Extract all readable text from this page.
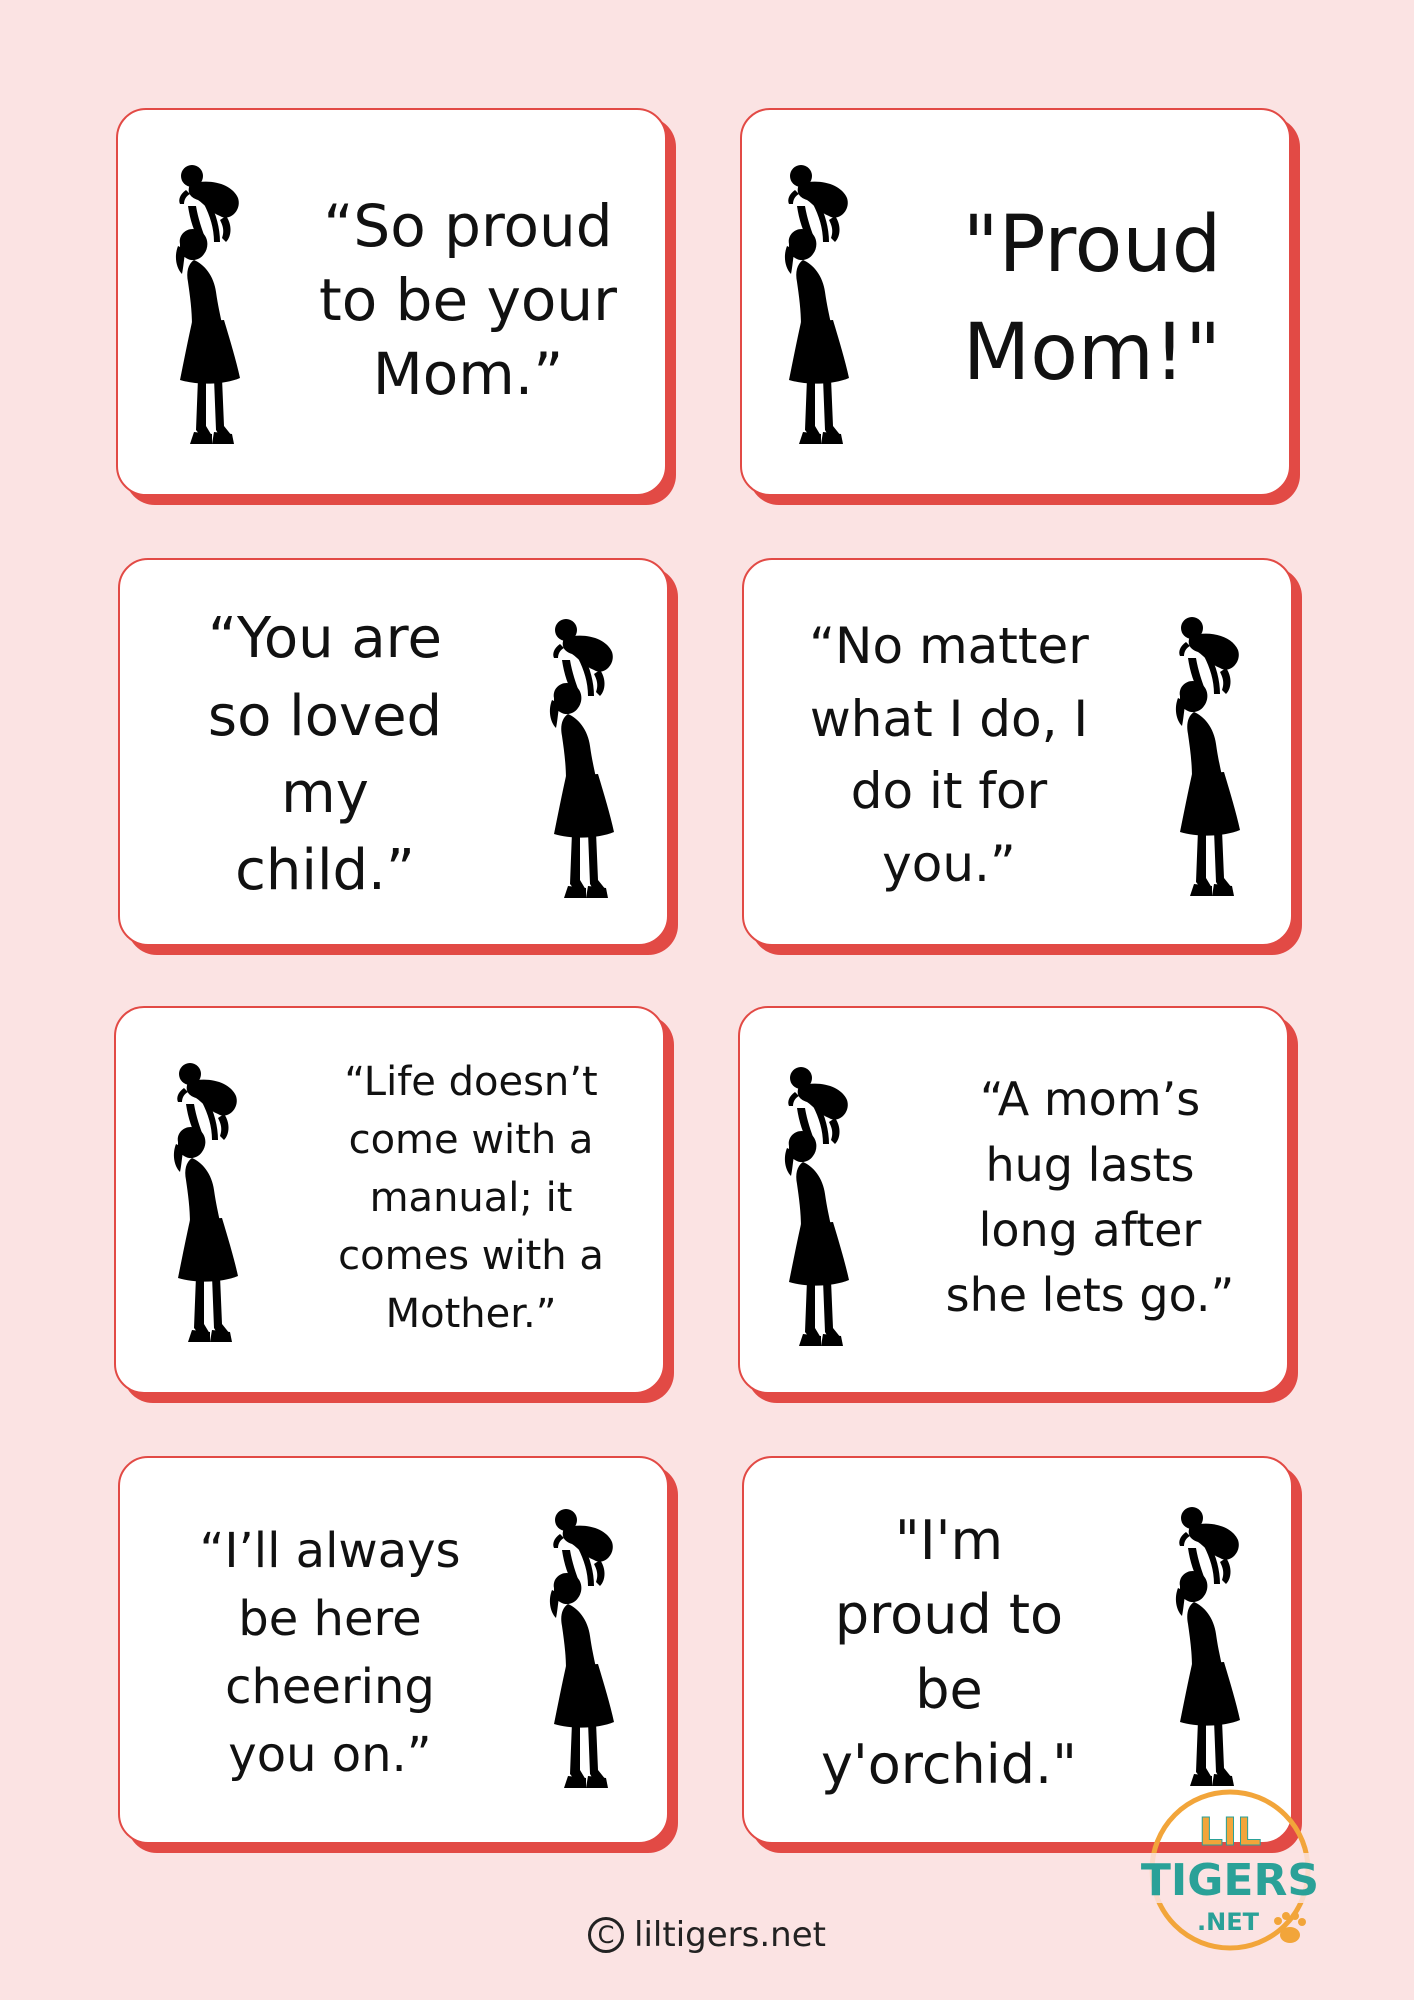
“So proud
to be your
Mom.”
"Proud
Mom!"
“You are
so loved
my
child.”
“No matter
what I do, I
do it for
you.”
“Life doesn’t
come with a
manual; it
comes with a
Mother.”
“A mom’s
hug lasts
long after
she lets go.”
“I’ll always
be here
cheering
you on.”
"I'm
proud to
be
y'orchid."
C liltigers.net
LIL
TIGERS
.NET
